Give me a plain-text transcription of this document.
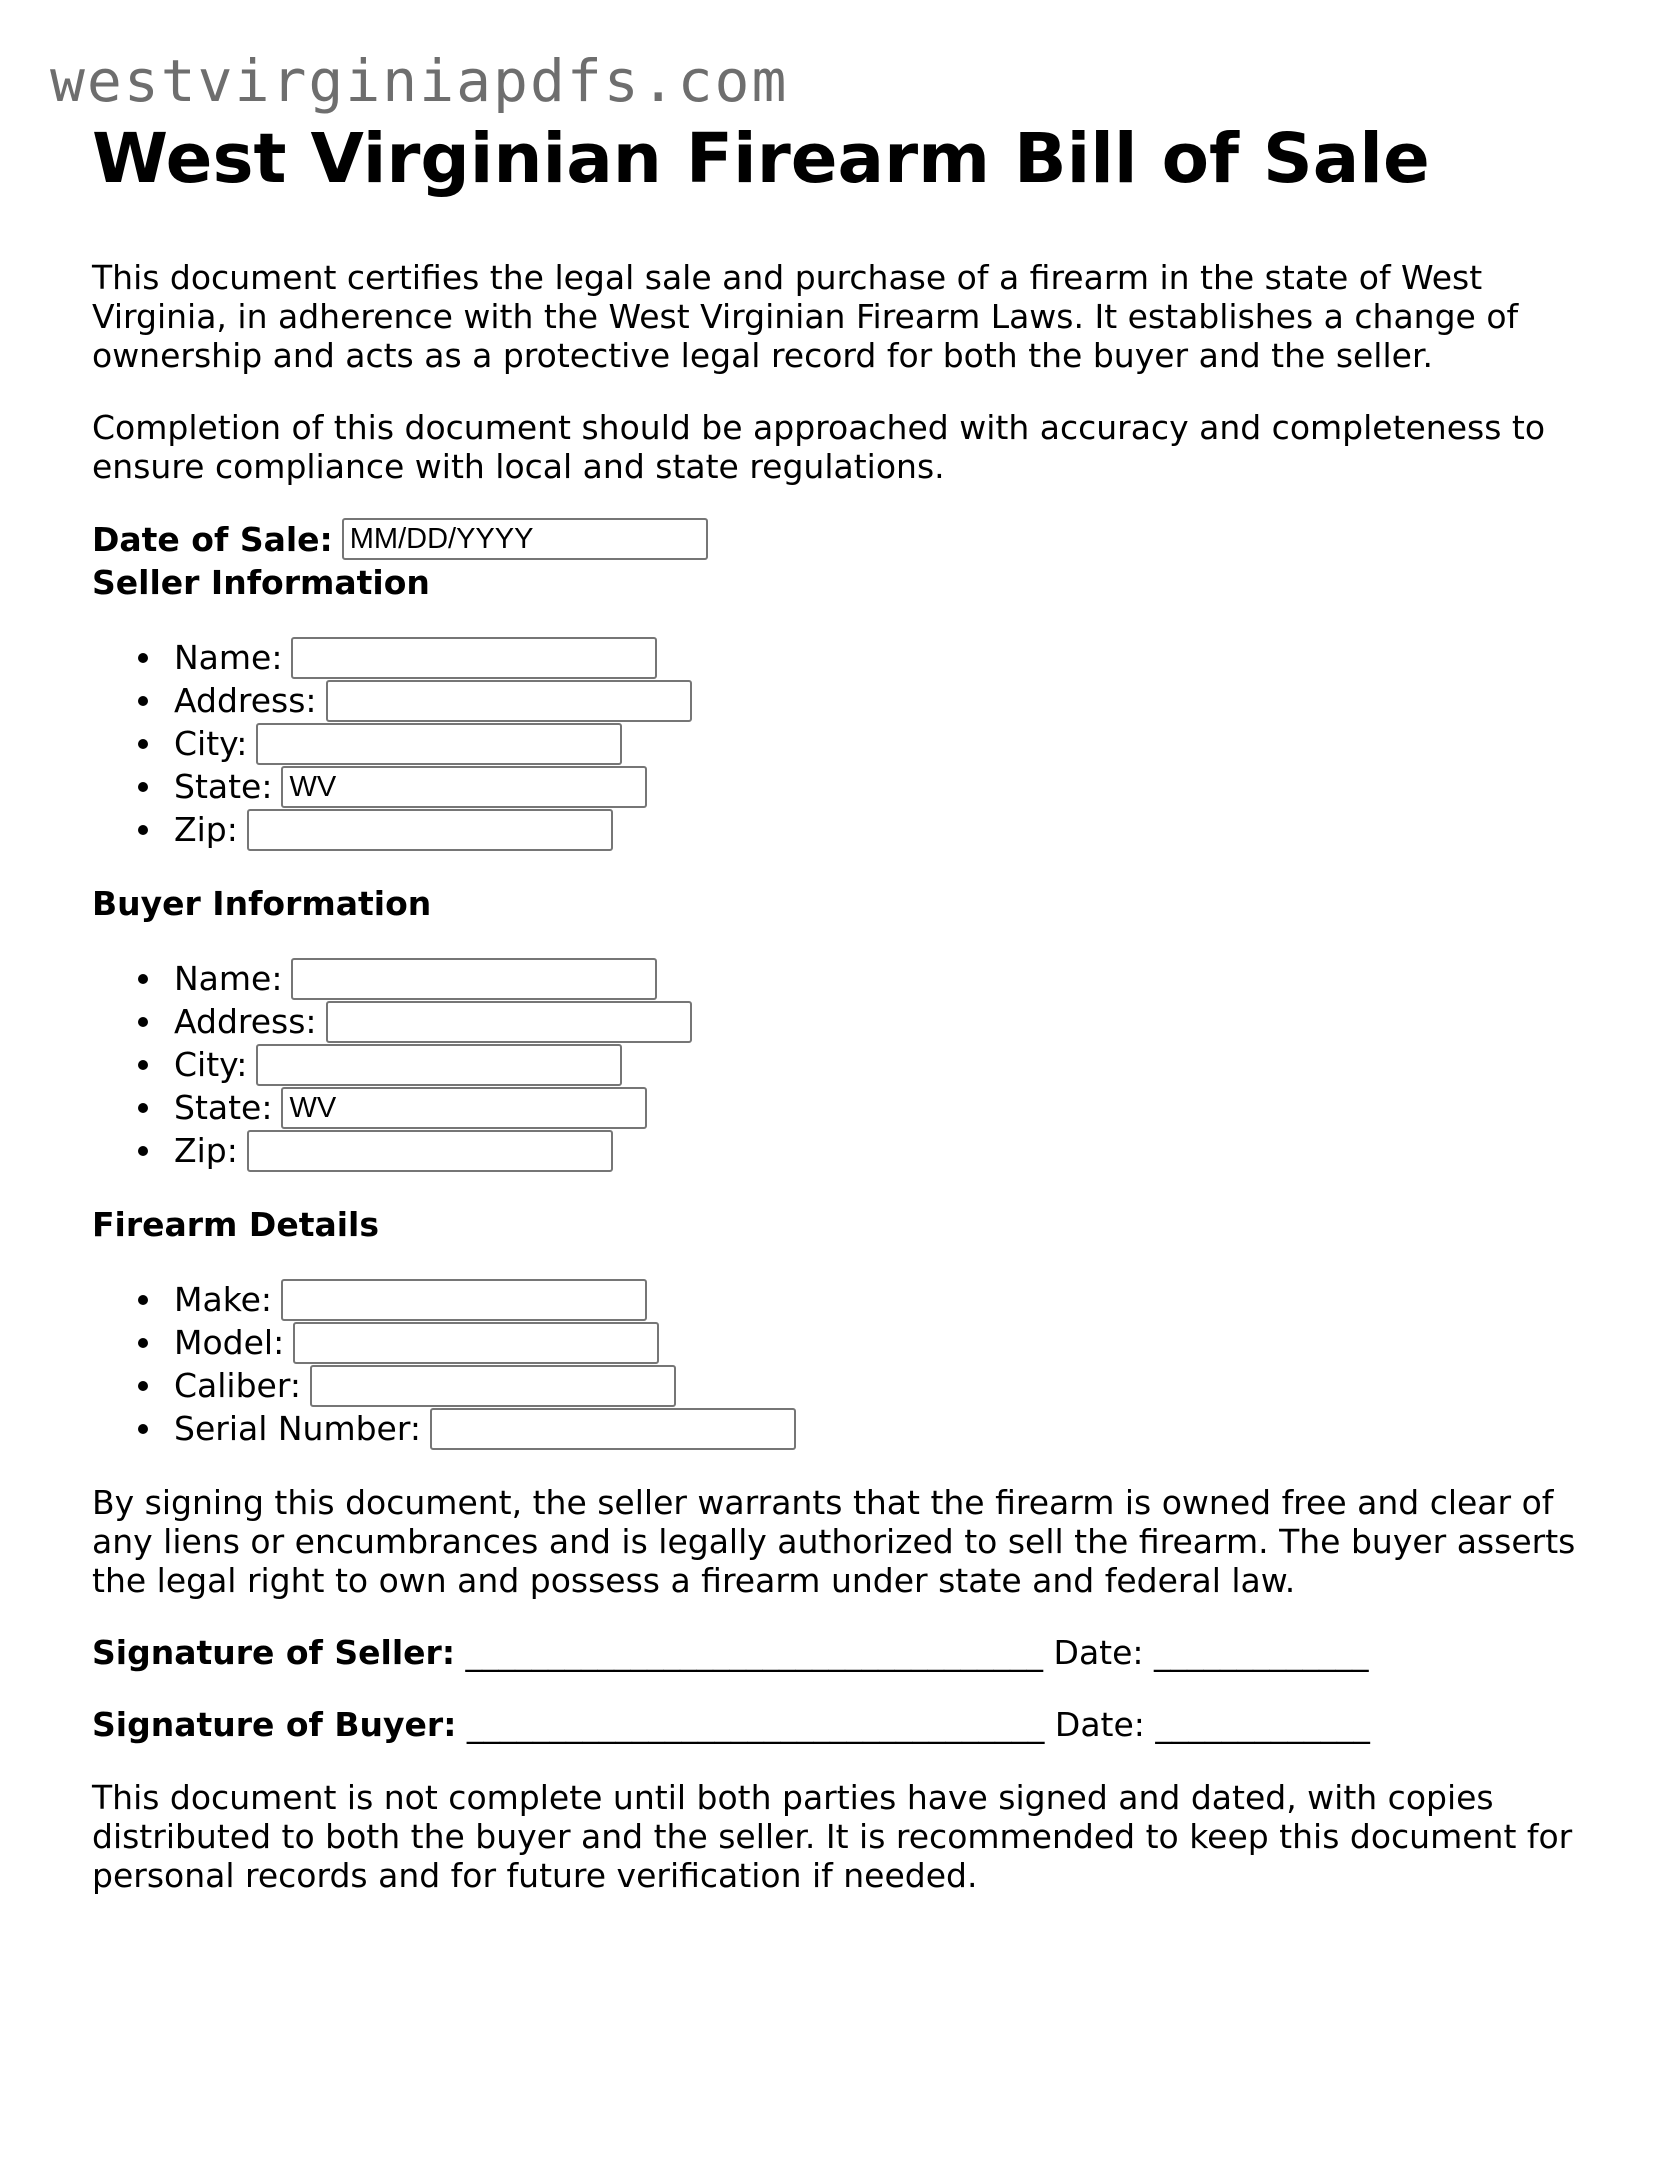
westvirginiapdfs.com
West Virginian Firearm Bill of Sale

This document certifies the legal sale and purchase of a firearm in the state of West Virginia, in adherence with the West Virginian Firearm Laws. It establishes a change of ownership and acts as a protective legal record for both the buyer and the seller.

Completion of this document should be approached with accuracy and completeness to ensure compliance with local and state regulations.

Date of Sale: MM/DD/YYYY
Seller Information
Name:
Address:
City:
State: WV
Zip:
Buyer Information
Name:
Address:
City:
State: WV
Zip:
Firearm Details
Make:
Model:
Caliber:
Serial Number:

By signing this document, the seller warrants that the firearm is owned free and clear of any liens or encumbrances and is legally authorized to sell the firearm. The buyer asserts the legal right to own and possess a firearm under state and federal law.

Signature of Seller: ___________________________________ Date: _____________
Signature of Buyer: ___________________________________ Date: _____________

This document is not complete until both parties have signed and dated, with copies distributed to both the buyer and the seller. It is recommended to keep this document for personal records and for future verification if needed.
